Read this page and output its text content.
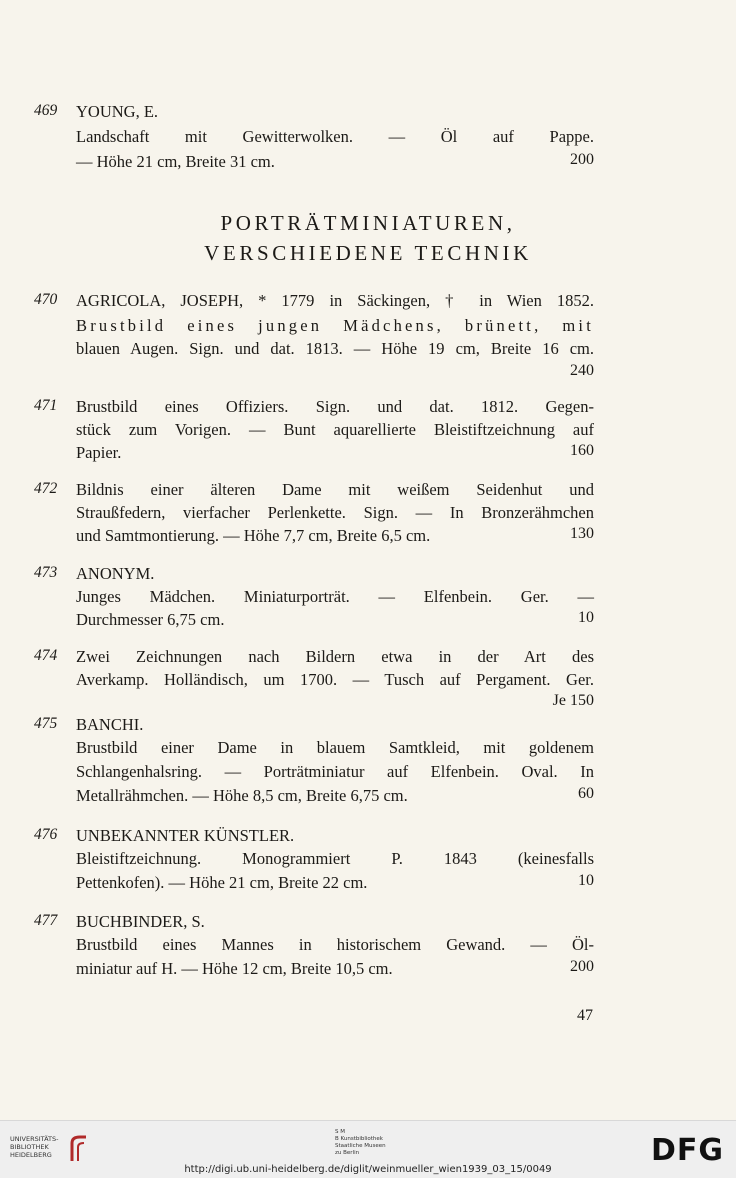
469	YOUNG, E.
Landschaft mit Gewitterwolken. — Öl auf Pappe.
— Höhe 21 cm, Breite 31 cm.	200
PORTRÄTMINIATUREN,
VERSCHIEDENE TECHNIK
470	AGRICOLA, JOSEPH, * 1779 in Säckingen, † in Wien 1852.
Brustbild eines jungen Mädchens, brünett, mit
blauen Augen. Sign. und dat. 1813. — Höhe 19 cm, Breite 16 cm.
240
471	Brustbild eines Offiziers. Sign. und dat. 1812. Gegen-
stück zum Vorigen. — Bunt aquarellierte Bleistiftzeichnung auf
Papier.	160
472	Bildnis einer älteren Dame mit weißem Seidenhut und
Straußfedern, vierfacher Perlenkette. Sign. — In Bronzerähmchen
und Samtmontierung. — Höhe 7,7 cm, Breite 6,5 cm.	130
473	ANONYM.
Junges Mädchen. Miniaturporträt. — Elfenbein. Ger. —
Durchmesser 6,75 cm.	10
474	Zwei Zeichnungen nach Bildern etwa in der Art des
Averkamp. Holländisch, um 1700. — Tusch auf Pergament. Ger.
Je 150
475	BANCHI.
Brustbild einer Dame in blauem Samtkleid, mit goldenem
Schlangenhalsring. — Porträtminiatur auf Elfenbein. Oval. In
Metallrähmchen. — Höhe 8,5 cm, Breite 6,75 cm.	60
476	UNBEKANNTER KÜNSTLER.
Bleistiftzeichnung. Monogrammiert P. 1843 (keinesfalls
Pettenkofen). — Höhe 21 cm, Breite 22 cm.	10
477	BUCHBINDER, S.
Brustbild eines Mannes in historischem Gewand. — Öl-
miniatur auf H. — Höhe 12 cm, Breite 10,5 cm.	200
47
UNIVERSITÄTS-
BIBLIOTHEK
HEIDELBERG
S M
B Kunstbibliothek
Staatliche Museen
zu Berlin	DFG
http://digi.ub.uni-heidelberg.de/diglit/weinmueller_wien1939_03_15/0049
